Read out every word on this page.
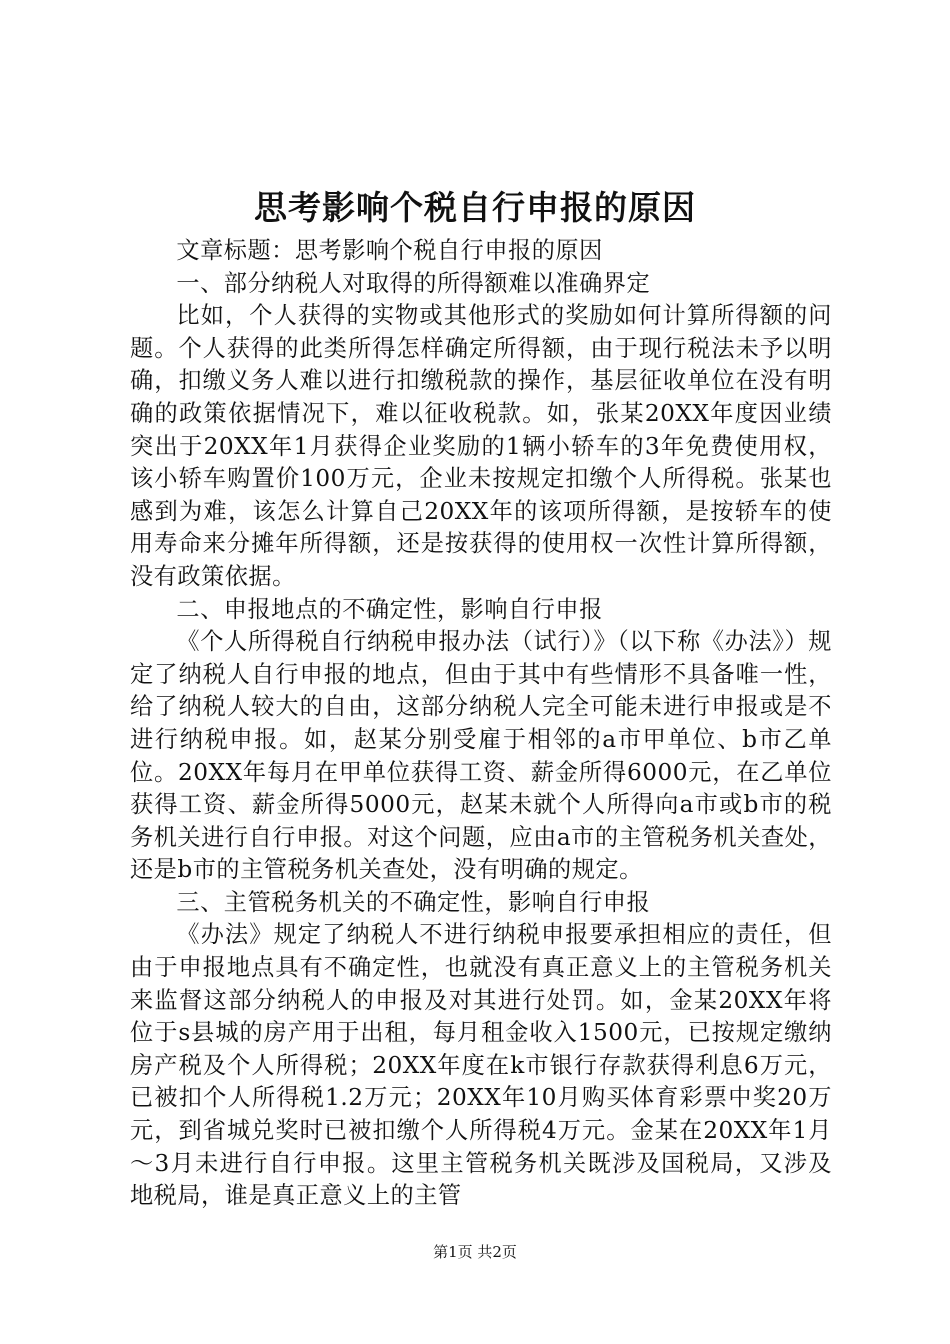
思考影响个税自行申报的原因

文章标题：思考影响个税自行申报的原因

一、部分纳税人对取得的所得额难以准确界定

比如，个人获得的实物或其他形式的奖励如何计算所得额的问题。个人获得的此类所得怎样确定所得额，由于现行税法未予以明确，扣缴义务人难以进行扣缴税款的操作，基层征收单位在没有明确的政策依据情况下，难以征收税款。如，张某20XX年度因业绩突出于20XX年1月获得企业奖励的1辆小轿车的3年免费使用权，该小轿车购置价100万元，企业未按规定扣缴个人所得税。张某也感到为难，该怎么计算自己20XX年的该项所得额，是按轿车的使用寿命来分摊年所得额，还是按获得的使用权一次性计算所得额，没有政策依据。

二、申报地点的不确定性，影响自行申报

《个人所得税自行纳税申报办法（试行）》（以下称《办法》）规定了纳税人自行申报的地点，但由于其中有些情形不具备唯一性，给了纳税人较大的自由，这部分纳税人完全可能未进行申报或是不进行纳税申报。如，赵某分别受雇于相邻的a市甲单位、b市乙单位。20XX年每月在甲单位获得工资、薪金所得6000元，在乙单位获得工资、薪金所得5000元，赵某未就个人所得向a市或b市的税务机关进行自行申报。对这个问题，应由a市的主管税务机关查处，还是b市的主管税务机关查处，没有明确的规定。

三、主管税务机关的不确定性，影响自行申报

《办法》规定了纳税人不进行纳税申报要承担相应的责任，但由于申报地点具有不确定性，也就没有真正意义上的主管税务机关来监督这部分纳税人的申报及对其进行处罚。如，金某20XX年将位于s县城的房产用于出租，每月租金收入1500元，已按规定缴纳房产税及个人所得税；20XX年度在k市银行存款获得利息6万元，已被扣个人所得税1.2万元；20XX年10月购买体育彩票中奖20万元，到省城兑奖时已被扣缴个人所得税4万元。金某在20XX年1月～3月未进行自行申报。这里主管税务机关既涉及国税局，又涉及地税局，谁是真正意义上的主管

第1页 共2页
